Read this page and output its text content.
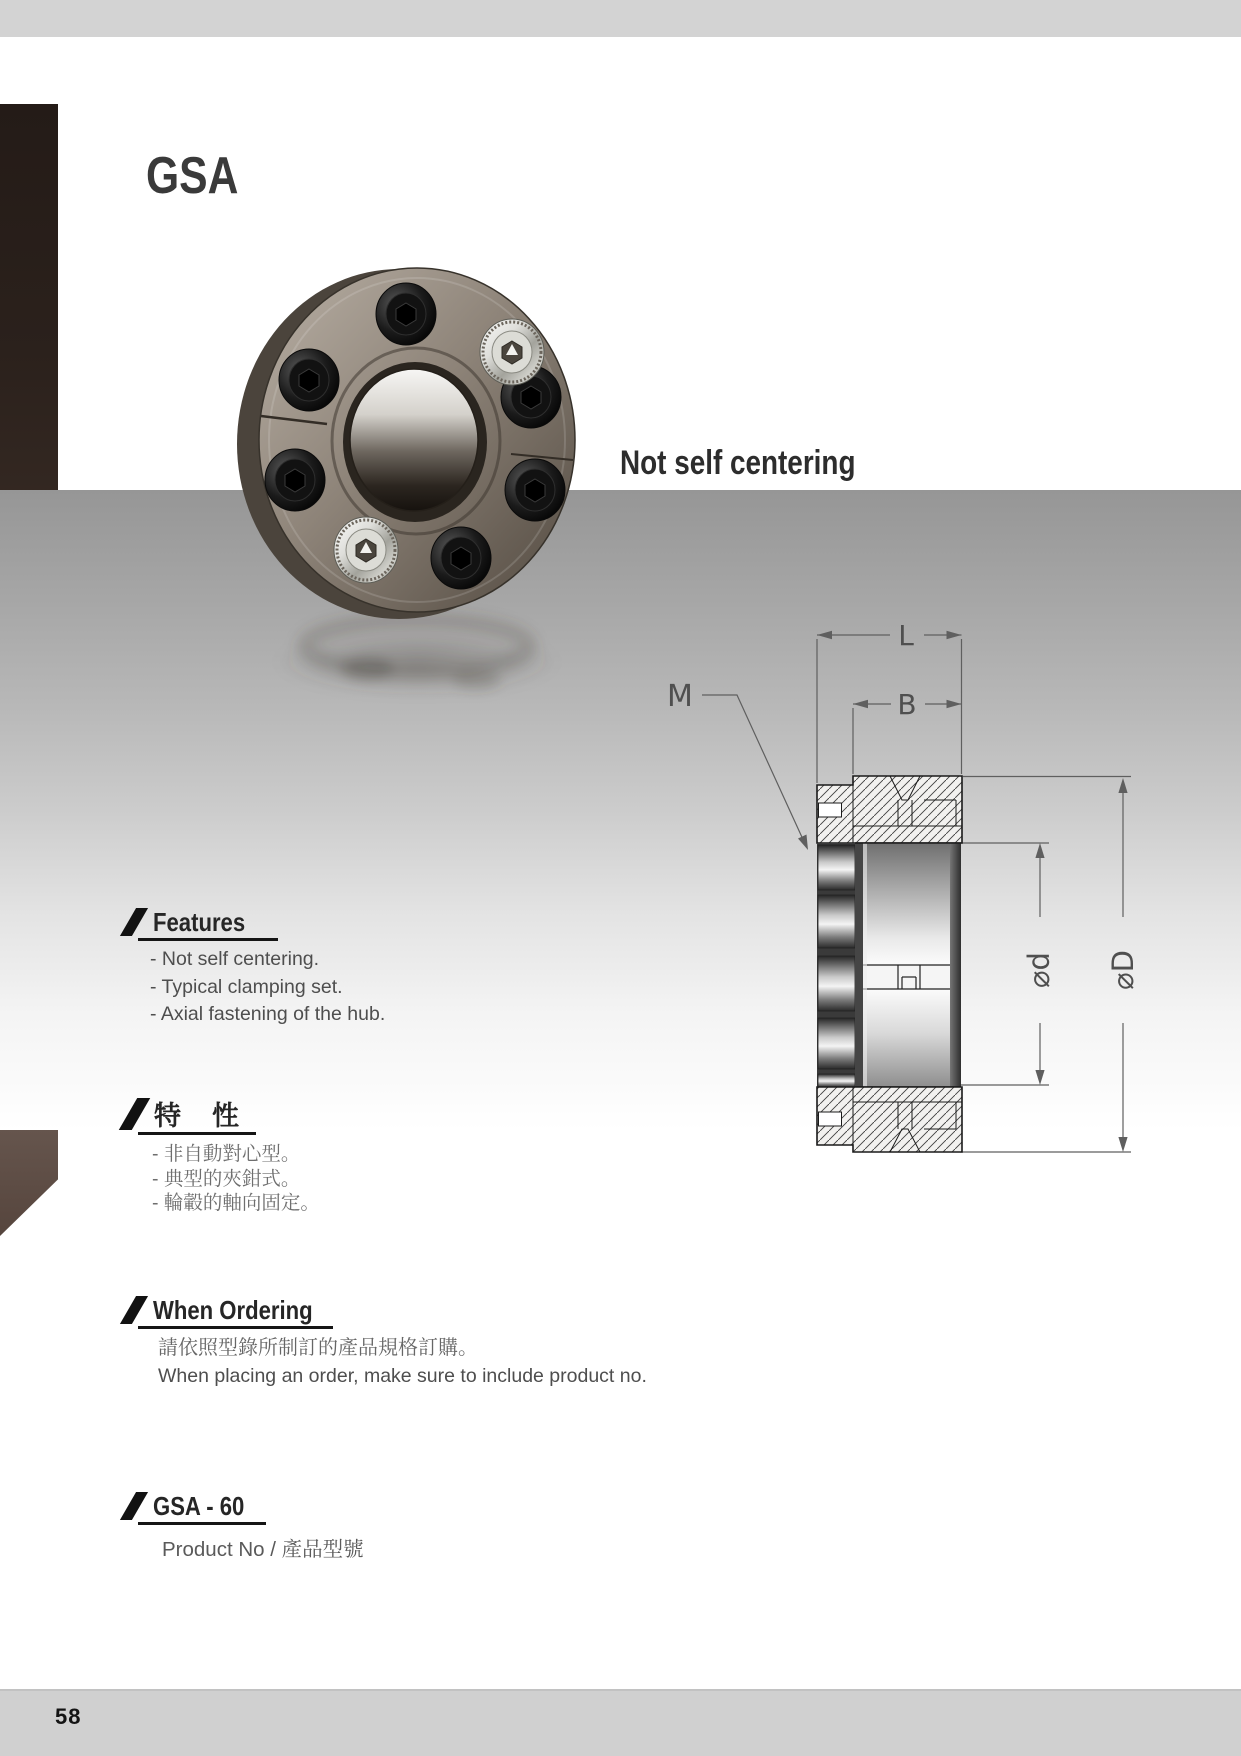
GSA
Not self centering
L
B
M
⌀d ⌀D
Features
- Not self centering.
- Typical clamping set.
- Axial fastening of the hub.
特　性
- 非自動對心型。
- 典型的夾鉗式。
- 輪轂的軸向固定。
When Ordering
請依照型錄所制訂的產品規格訂購。
When placing an order, make sure to include product no.
GSA - 60
Product No / 產品型號
58
